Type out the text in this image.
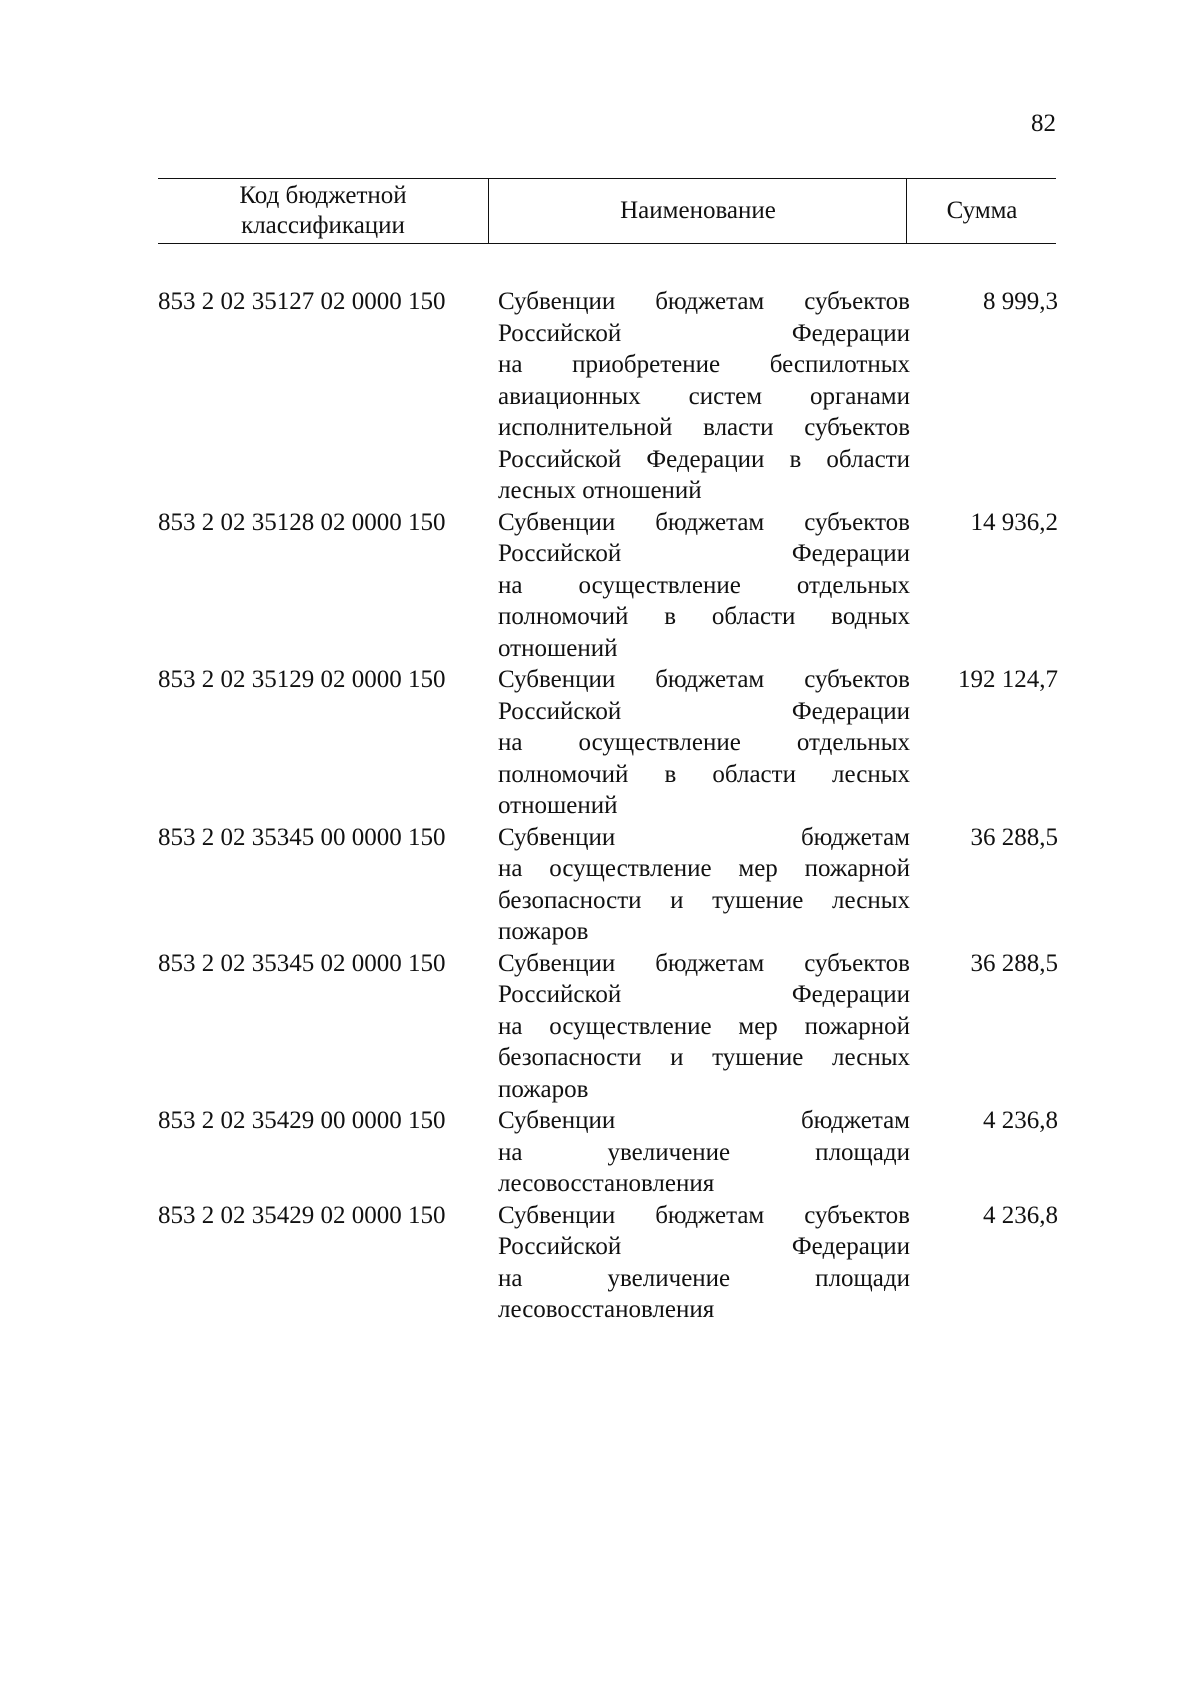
82
Код бюджетной классификации
Наименование	Сумма
853 2 02 35127 02 0000 150 Субвенции бюджетам субъектов
Российской Федерации
на приобретение беспилотных
авиационных систем органами
исполнительной власти субъектов
Российской Федерации в области
лесных отношений
8 999,3
853 2 02 35128 02 0000 150 Субвенции бюджетам субъектов
Российской Федерации
на осуществление отдельных
полномочий в области водных
отношений
14 936,2
853 2 02 35129 02 0000 150 Субвенции бюджетам субъектов
Российской Федерации
на осуществление отдельных
полномочий в области лесных
отношений
192 124,7
853 2 02 35345 00 0000 150 Субвенции бюджетам
на осуществление мер пожарной
безопасности и тушение лесных
пожаров
36 288,5
853 2 02 35345 02 0000 150 Субвенции бюджетам субъектов
Российской Федерации
на осуществление мер пожарной
безопасности и тушение лесных
пожаров
36 288,5
853 2 02 35429 00 0000 150 Субвенции бюджетам
на увеличение площади
лесовосстановления
4 236,8
853 2 02 35429 02 0000 150 Субвенции бюджетам субъектов
Российской Федерации
на увеличение площади
лесовосстановления
4 236,8
